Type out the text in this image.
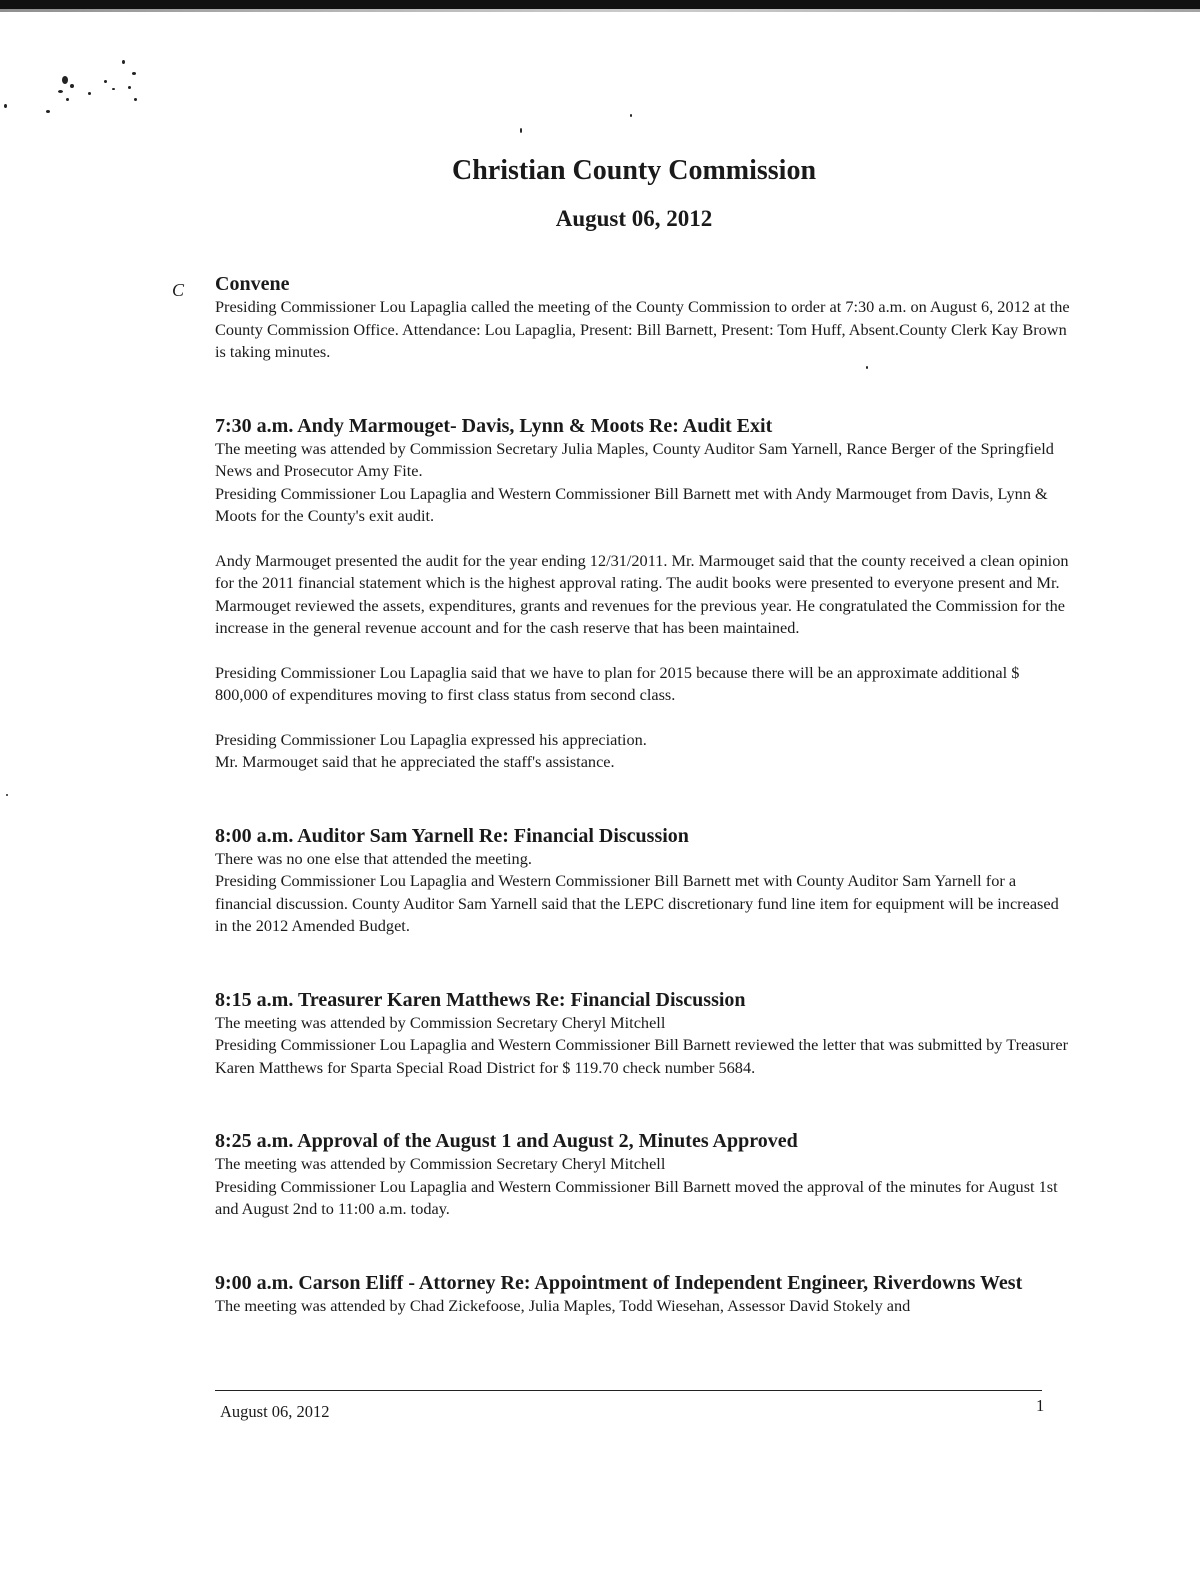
Christian County Commission
August 06, 2012
C Convene

Presiding Commissioner Lou Lapaglia called the meeting of the County Commission to order at 7:30 a.m. on August 6, 2012 at the County Commission Office. Attendance: Lou Lapaglia, Present: Bill Barnett, Present: Tom Huff, Absent.County Clerk Kay Brown is taking minutes.

7:30 a.m. Andy Marmouget- Davis, Lynn & Moots Re: Audit Exit

The meeting was attended by Commission Secretary Julia Maples, County Auditor Sam Yarnell, Rance Berger of the Springfield News and Prosecutor Amy Fite.

Presiding Commissioner Lou Lapaglia and Western Commissioner Bill Barnett met with Andy Marmouget from Davis, Lynn & Moots for the County's exit audit.

Andy Marmouget presented the audit for the year ending 12/31/2011. Mr. Marmouget said that the county received a clean opinion for the 2011 financial statement which is the highest approval rating. The audit books were presented to everyone present and Mr. Marmouget reviewed the assets, expenditures, grants and revenues for the previous year. He congratulated the Commission for the increase in the general revenue account and for the cash reserve that has been maintained.

Presiding Commissioner Lou Lapaglia said that we have to plan for 2015 because there will be an approximate additional $ 800,000 of expenditures moving to first class status from second class.

Presiding Commissioner Lou Lapaglia expressed his appreciation.

Mr. Marmouget said that he appreciated the staff's assistance.

8:00 a.m. Auditor Sam Yarnell Re: Financial Discussion

There was no one else that attended the meeting.

Presiding Commissioner Lou Lapaglia and Western Commissioner Bill Barnett met with County Auditor Sam Yarnell for a financial discussion. County Auditor Sam Yarnell said that the LEPC discretionary fund line item for equipment will be increased in the 2012 Amended Budget.

8:15 a.m. Treasurer Karen Matthews Re: Financial Discussion

The meeting was attended by Commission Secretary Cheryl Mitchell

Presiding Commissioner Lou Lapaglia and Western Commissioner Bill Barnett reviewed the letter that was submitted by Treasurer Karen Matthews for Sparta Special Road District for $ 119.70 check number 5684.

8:25 a.m. Approval of the August 1 and August 2, Minutes Approved

The meeting was attended by Commission Secretary Cheryl Mitchell

Presiding Commissioner Lou Lapaglia and Western Commissioner Bill Barnett moved the approval of the minutes for August 1st and August 2nd to 11:00 a.m. today.

9:00 a.m. Carson Eliff - Attorney Re: Appointment of Independent Engineer, Riverdowns West

The meeting was attended by Chad Zickefoose, Julia Maples, Todd Wiesehan, Assessor David Stokely and

August 06, 2012	1
